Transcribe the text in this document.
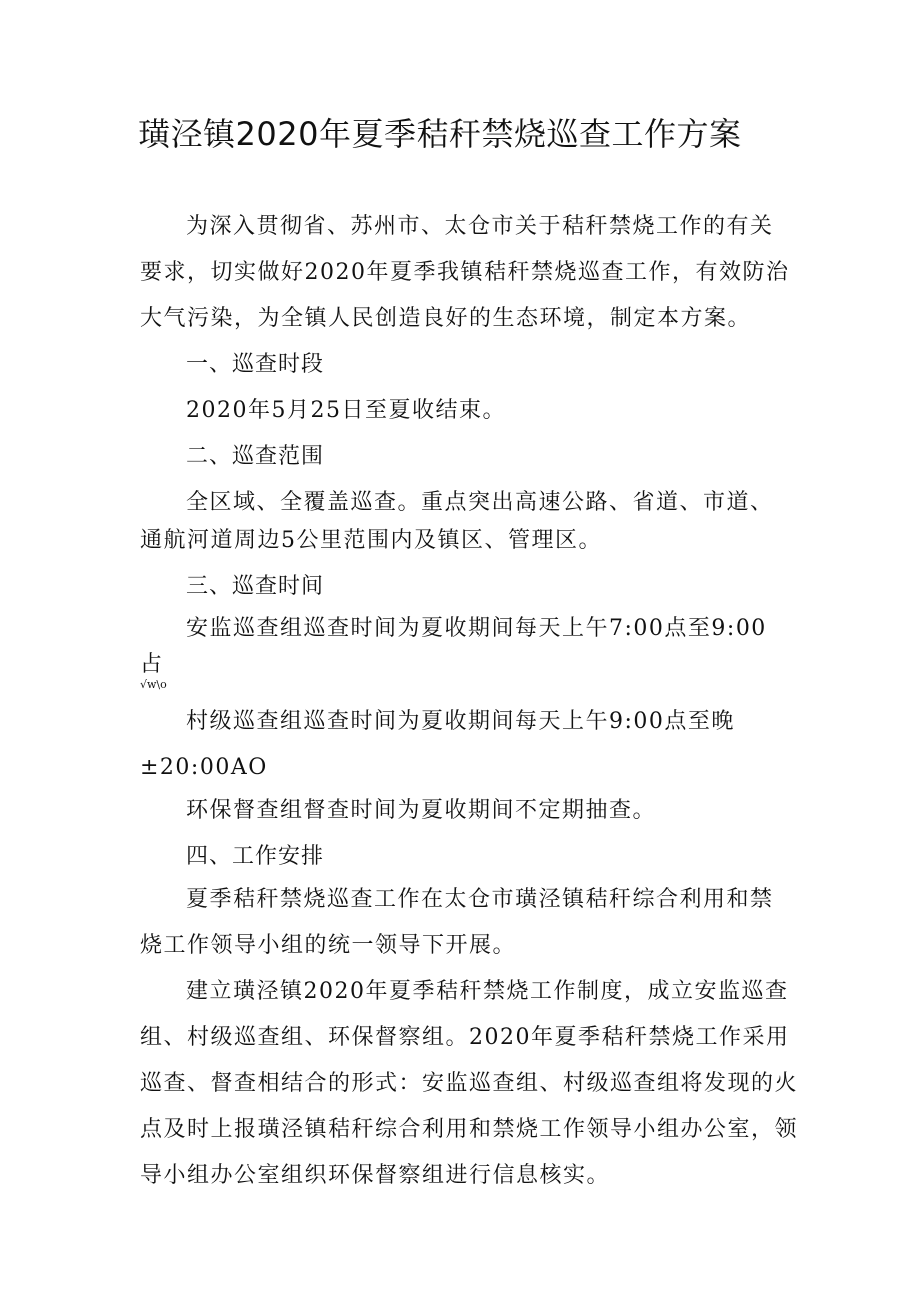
璜泾镇2020年夏季秸秆禁烧巡查工作方案
为深入贯彻省、苏州市、太仓市关于秸秆禁烧工作的有关
要求，切实做好2020年夏季我镇秸秆禁烧巡查工作，有效防治
大气污染，为全镇人民创造良好的生态环境，制定本方案。
一、巡查时段
2020年5月25日至夏收结束。
二、巡查范围
全区域、全覆盖巡查。重点突出高速公路、省道、市道、
通航河道周边5公里范围内及镇区、管理区。
三、巡查时间
安监巡查组巡查时间为夏收期间每天上午7:00点至9:00
占
√w\o
村级巡查组巡查时间为夏收期间每天上午9:00点至晚
±20:00AO
环保督查组督查时间为夏收期间不定期抽查。
四、工作安排
夏季秸秆禁烧巡查工作在太仓市璜泾镇秸秆综合利用和禁
烧工作领导小组的统一领导下开展。
建立璜泾镇2020年夏季秸秆禁烧工作制度，成立安监巡查
组、村级巡查组、环保督察组。2020年夏季秸秆禁烧工作采用
巡查、督查相结合的形式：安监巡查组、村级巡查组将发现的火
点及时上报璜泾镇秸秆综合利用和禁烧工作领导小组办公室，领
导小组办公室组织环保督察组进行信息核实。
